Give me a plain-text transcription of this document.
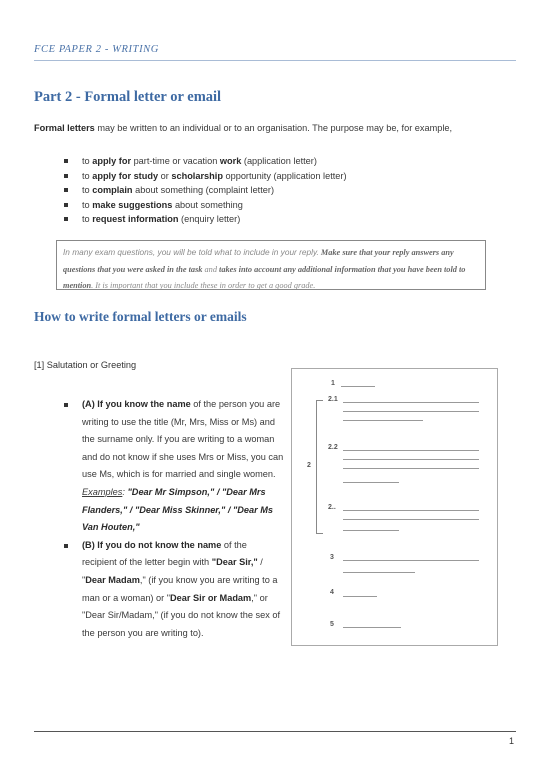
FCE PAPER 2 - WRITING
Part 2 - Formal letter or email
Formal letters may be written to an individual or to an organisation. The purpose may be, for example,
to apply for part-time or vacation work (application letter)
to apply for study or scholarship opportunity (application letter)
to complain about something (complaint letter)
to make suggestions about something
to request information (enquiry letter)
In many exam questions, you will be told what to include in your reply. Make sure that your reply answers any questions that you were asked in the task and takes into account any additional information that you have been told to mention. It is important that you include these in order to get a good grade.
How to write formal letters or emails
[1] Salutation or Greeting
(A) If you know the name of the person you are writing to use the title (Mr, Mrs, Miss or Ms) and the surname only. If you are writing to a woman and do not know if she uses Mrs or Miss, you can use Ms, which is for married and single women.
Examples: "Dear Mr Simpson," / "Dear Mrs Flanders," / "Dear Miss Skinner," / "Dear Ms Van Houten,"
(B) If you do not know the name of the recipient of the letter begin with "Dear Sir," / "Dear Madam," (if you know you are writing to a man or a woman) or "Dear Sir or Madam," or "Dear Sir/Madam," (if you do not know the sex of the person you are writing to).
1
2
2.1
2.2
2..
3
4
5
1
